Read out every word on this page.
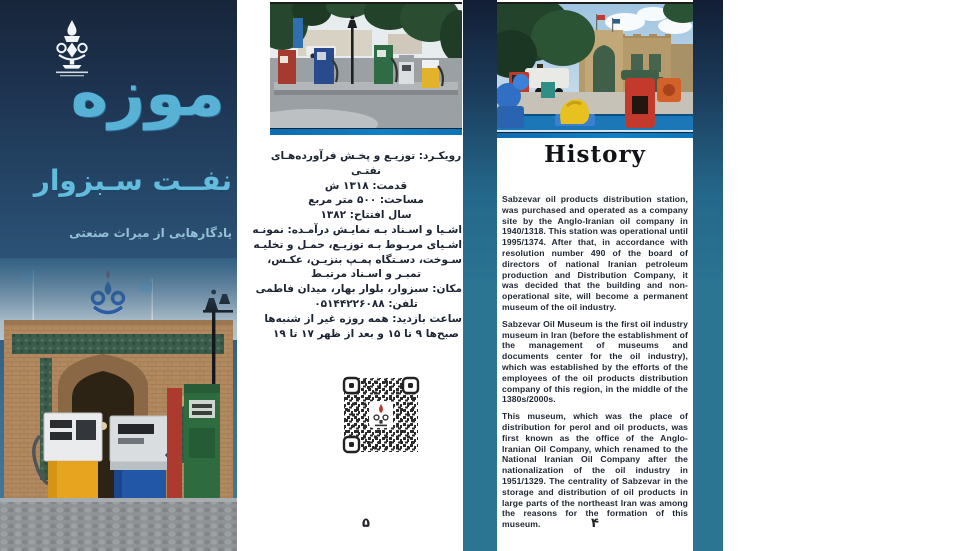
موزه
نفــت سـبزوار
یادگارهایی از میراث صنعتی
رویکـرد: توزیـع و پخـش فرآورده‌هـای
نفتـی
قدمت: ۱۳۱۸ ش
مساحت: ۵۰۰ متر مربع
سال افتتاح: ۱۳۸۲
اشـیا و اسـناد بـه نمایـش درآمـده: نمونـه
اشـیای مربـوط بـه توزیـع، حمـل و تخلیـه
سـوخت، دسـتگاه پمـپ بنزیـن، عکـس،
تمبـر و اسـناد مرتبـط
مکان: سبزوار، بلوار بهار، میدان فاطمی
تلفن: ۰۵۱۴۴۲۲۶۰۸۸
ساعت بازدید: همه روزه غیر از شنبه‌ها
صبح‌ها ۹ تا ۱۵ و بعد از ظهر ۱۷ تا ۱۹
۵
History

Sabzevar oil products distribution station, was purchased and operated as a company site by the Anglo-Iranian oil company in 1940/1318. This station was operational until 1995/1374. After that, in accordance with resolution number 490 of the board of directors of national Iranian petroleum production and Distribution Company, it was decided that the building and non-operational site, will become a permanent museum of the oil industry.

Sabzevar Oil Museum is the first oil industry museum in Iran (before the establishment of the management of museums and documents center for the oil industry), which was established by the efforts of the employees of the oil products distribution company of this region, in the middle of the 1380s/2000s.

This museum, which was the place of distribution for perol and oil products, was first known as the office of the Anglo-Iranian Oil Company, which renamed to the National Iranian Oil Company after the nationalization of the oil industry in 1951/1329. The centrality of Sabzevar in the storage and distribution of oil products in large parts of the northeast Iran was among the reasons for the formation of this museum.	۴
